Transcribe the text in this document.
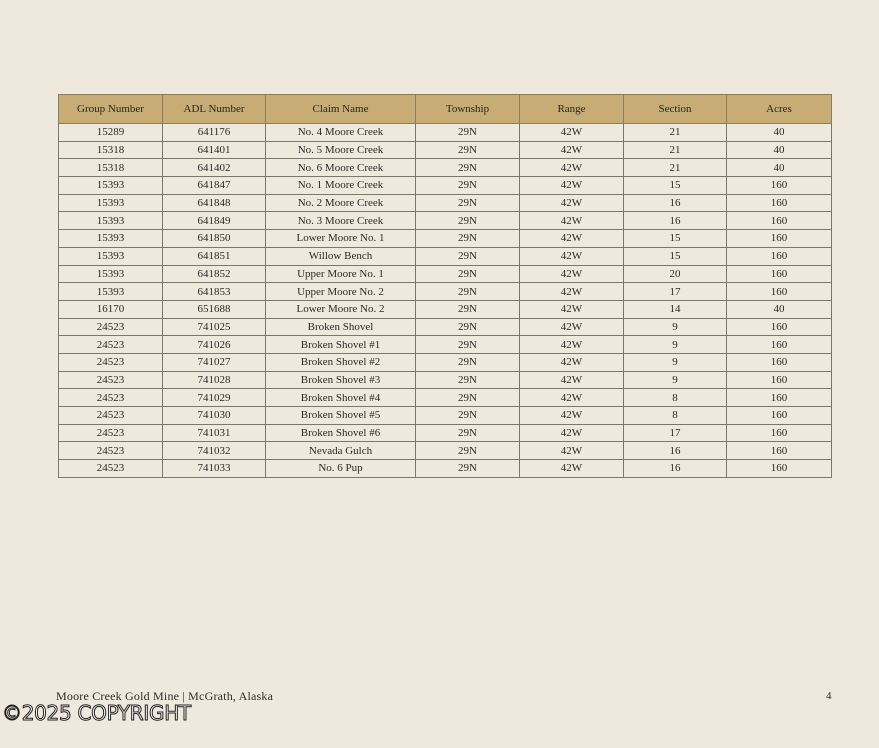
Group Number	ADL Number	Claim Name	Township	Range	Section	Acres
15289	641176	No. 4 Moore Creek	29N	42W	21	40
15318	641401	No. 5 Moore Creek	29N	42W	21	40
15318	641402	No. 6 Moore Creek	29N	42W	21	40
15393	641847	No. 1 Moore Creek	29N	42W	15	160
15393	641848	No. 2 Moore Creek	29N	42W	16	160
15393	641849	No. 3 Moore Creek	29N	42W	16	160
15393	641850	Lower Moore No. 1	29N	42W	15	160
15393	641851	Willow Bench	29N	42W	15	160
15393	641852	Upper Moore No. 1	29N	42W	20	160
15393	641853	Upper Moore No. 2	29N	42W	17	160
16170	651688	Lower Moore No. 2	29N	42W	14	40
24523	741025	Broken Shovel	29N	42W	9	160
24523	741026	Broken Shovel #1	29N	42W	9	160
24523	741027	Broken Shovel #2	29N	42W	9	160
24523	741028	Broken Shovel #3	29N	42W	9	160
24523	741029	Broken Shovel #4	29N	42W	8	160
24523	741030	Broken Shovel #5	29N	42W	8	160
24523	741031	Broken Shovel #6	29N	42W	17	160
24523	741032	Nevada Gulch	29N	42W	16	160
24523	741033	No. 6 Pup	29N	42W	16	160
Moore Creek Gold Mine | McGrath, Alaska	4
©2025 COPYRIGHT
